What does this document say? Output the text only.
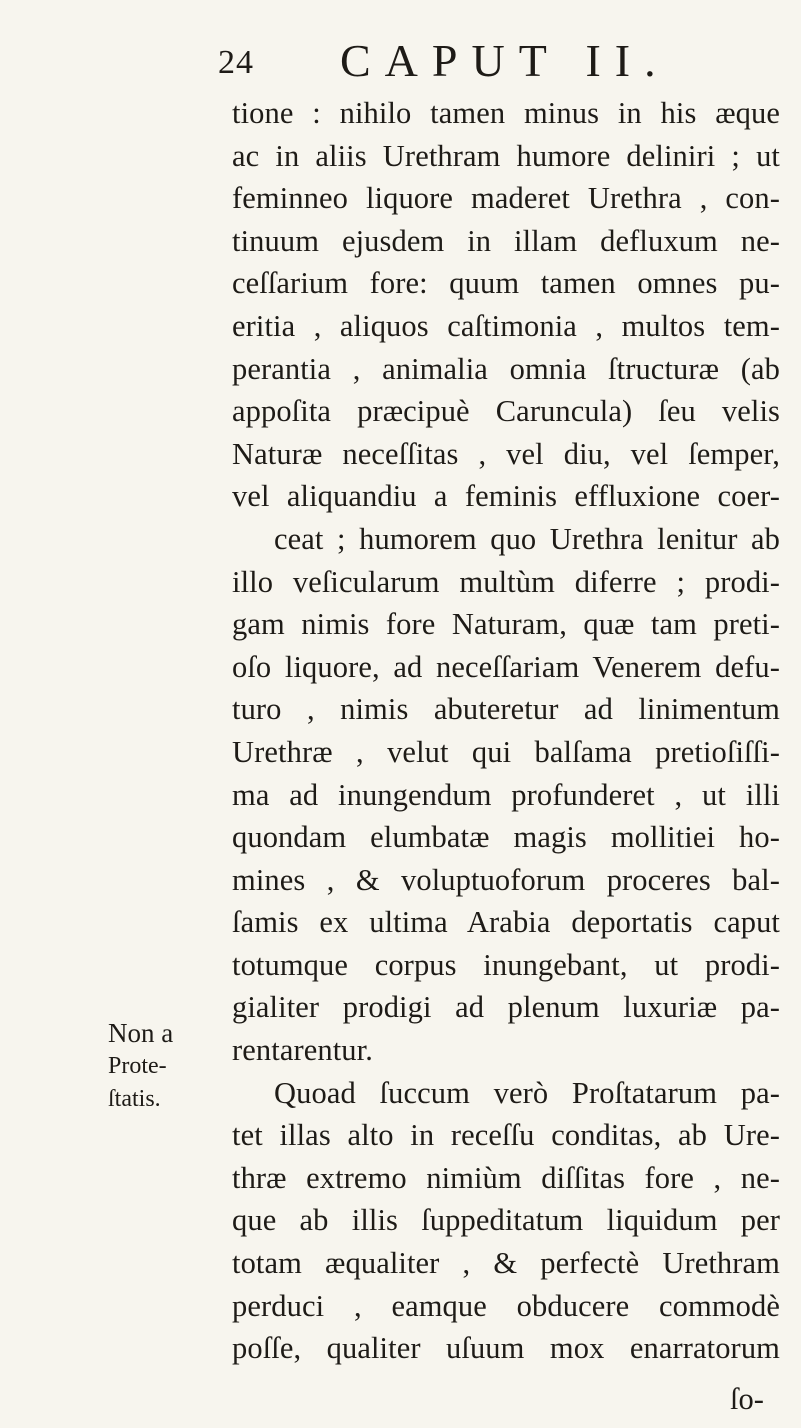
24 CAPUT II.
Non a
Prote-
ſtatis.
tione : nihilo tamen minus in his æque
ac in aliis Urethram humore deliniri ; ut
feminneo liquore maderet Urethra , con-
tinuum ejusdem in illam defluxum ne-
ceſſarium fore: quum tamen omnes pu-
eritia , aliquos caſtimonia , multos tem-
perantia , animalia omnia ſtructuræ (ab
appoſita præcipuè Caruncula) ſeu velis
Naturæ neceſſitas , vel diu, vel ſemper,
vel aliquandiu a feminis effluxione coer-
ceat ; humorem quo Urethra lenitur ab
illo veſicularum multùm diferre ; prodi-
gam nimis fore Naturam, quæ tam preti-
oſo liquore, ad neceſſariam Venerem defu-
turo , nimis abuteretur ad linimentum
Urethræ , velut qui balſama pretioſiſſi-
ma ad inungendum profunderet , ut illi
quondam elumbatæ magis mollitiei ho-
mines , & voluptuoforum proceres bal-
ſamis ex ultima Arabia deportatis caput
totumque corpus inungebant, ut prodi-
gialiter prodigi ad plenum luxuriæ pa-
rentarentur.
Quoad ſuccum verò Proſtatarum pa-
tet illas alto in receſſu conditas, ab Ure-
thræ extremo nimiùm diſſitas fore , ne-
que ab illis ſuppeditatum liquidum per
totam æqualiter , & perfectè Urethram
perduci , eamque obducere commodè
poſſe, qualiter uſuum mox enarratorum
ſo-
